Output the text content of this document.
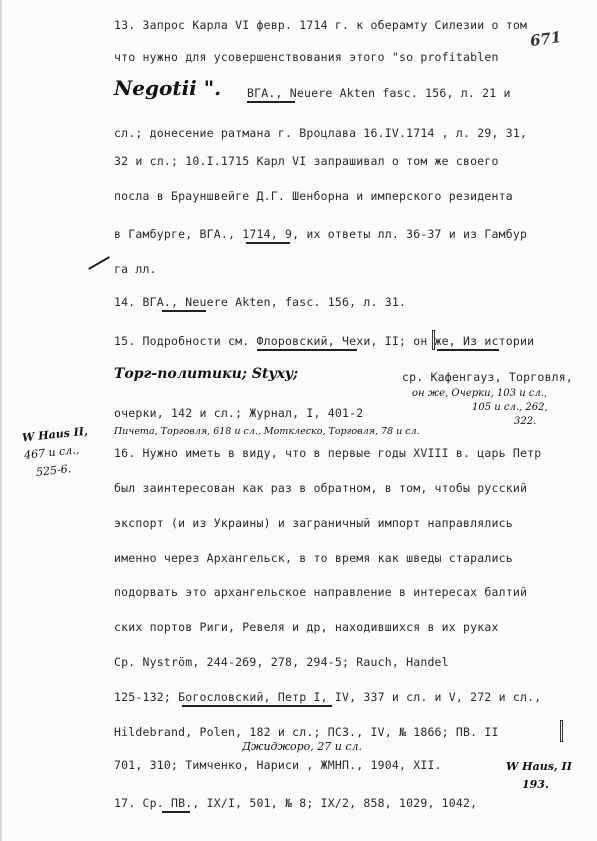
671
13. Запрос Карла VI февр. 1714 г. к оберамту Силезии о том
что нужно для усовершенствования этого "so profitablen
Negotii ". ВГА., Neuere Akten fasc. 156, л. 21 и
сл.; донесение ратмана г. Вроцлава 16.IV.1714 , л. 29, 31,
32 и сл.; 10.I.1715 Карл VI запрашивал о том же своего
посла в Брауншвейге Д.Г. Шенборна и имперского резидента
в Гамбурге, ВГА., 1714, 9, их ответы лл. 36-37 и из Гамбур
га лл.
14. ВГА., Neuere Akten, fasc. 156, л. 31.
15. Подробности см. Флоровский, Чехи, II; он же, Из истории
Торг-политики; Styxy;	ср. Кафенгауз, Торговля,
он же, Очерки, 103 и сл.,
105 и сл., 262,
очерки, 142 и сл.; Журнал, I, 401-2
322.
Пичета, Торговля, 618 и сл., Мотклеско, Торговля, 78 и сл.
16. Нужно иметь в виду, что в первые годы XVIII в. царь Петр
был заинтересован как раз в обратном, в том, чтобы русский
экспорт (и из Украины) и заграничный импорт направлялись
именно через Архангельск, в то время как шведы старались
подорвать это архангельское направление в интересах балтий
ских портов Риги, Ревеля и др, находившихся в их руках
Ср. Nyström, 244-269, 278, 294-5; Rauch, Handel
125-132; Богословский, Петр I, IV, 337 и сл. и V, 272 и сл.,
Hildebrand, Polen, 182 и сл.; ПСЗ., IV, № 1866; ПВ. II
Джиджоро, 27 и сл.
701, 310; Тимченко, Нариси , ЖМНП., 1904, XII.	W Haus, II
193.
17. Ср. ПВ., IX/I, 501, № 8; IX/2, 858, 1029, 1042,
W Haus II,
467 и сл.,
525-6.
